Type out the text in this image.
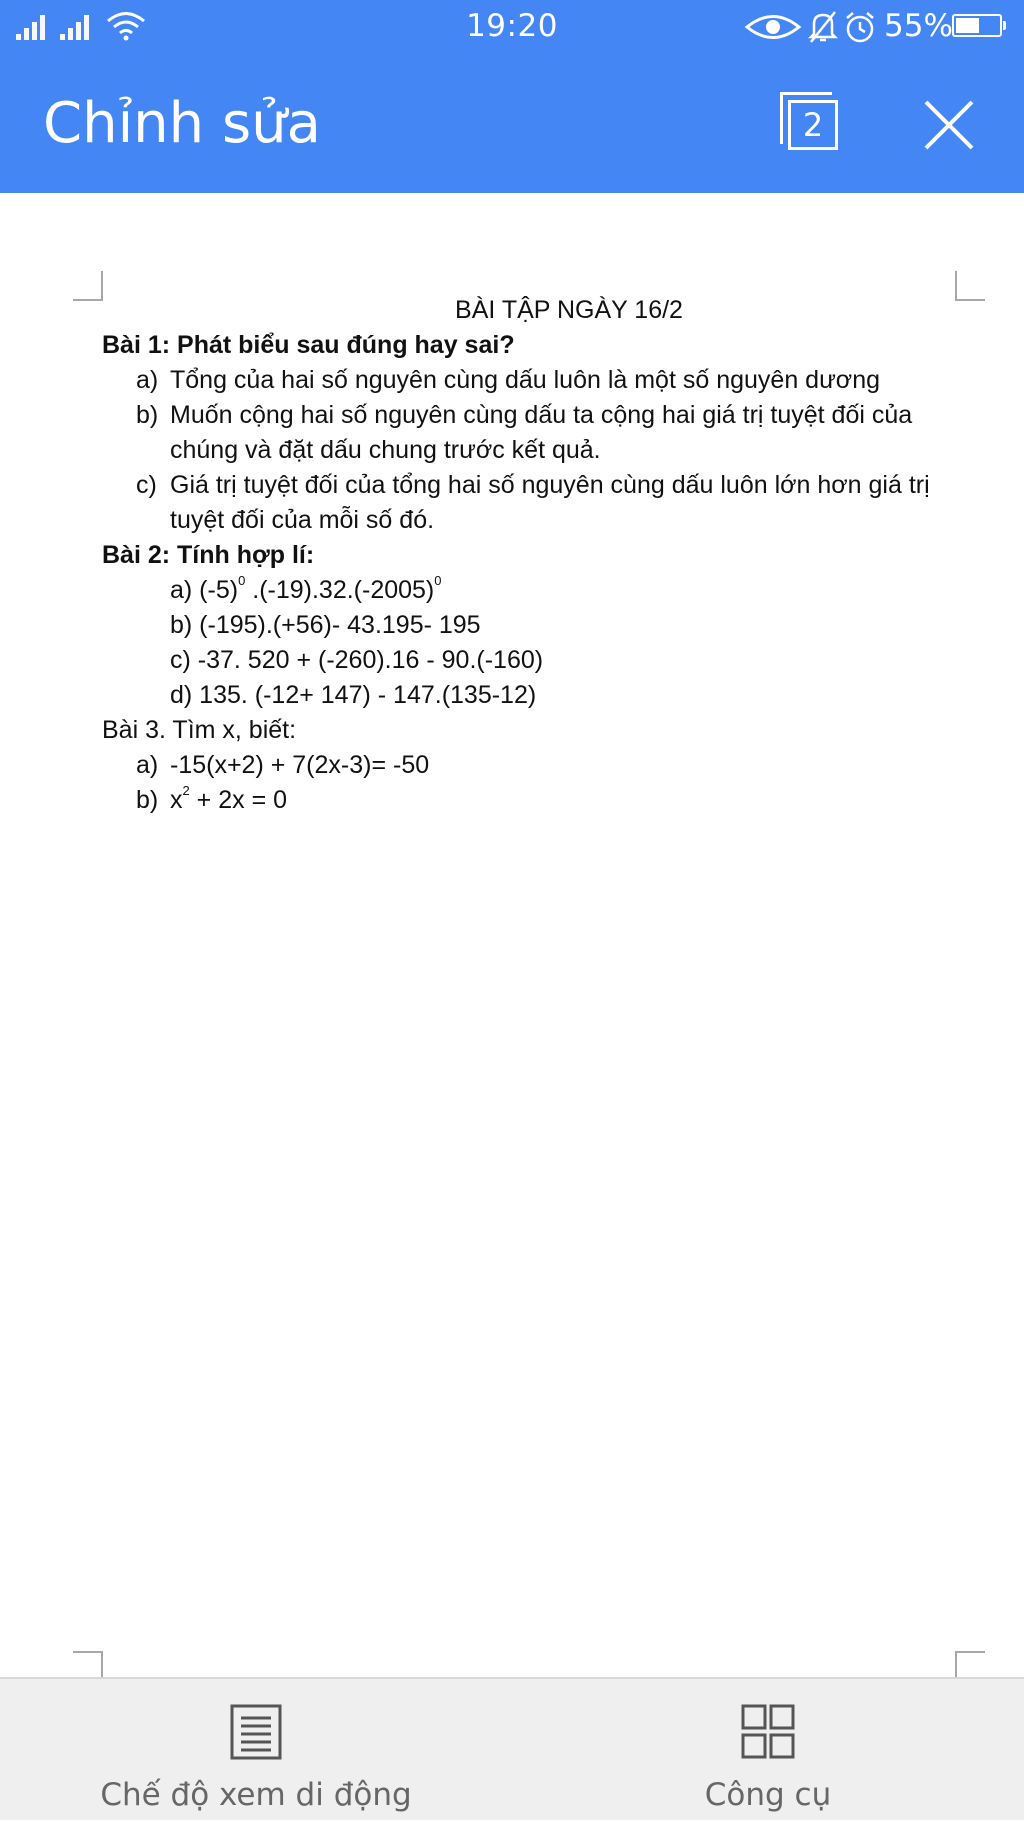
19:20	55%
Chỉnh sửa	2
BÀI TẬP NGÀY 16/2
Bài 1: Phát biểu sau đúng hay sai?
a) Tổng của hai số nguyên cùng dấu luôn là một số nguyên dương
b) Muốn cộng hai số nguyên cùng dấu ta cộng hai giá trị tuyệt đối của chúng và đặt dấu chung trước kết quả.
c) Giá trị tuyệt đối của tổng hai số nguyên cùng dấu luôn lớn hơn giá trị tuyệt đối của mỗi số đó.
Bài 2: Tính hợp lí:
a) $(-5)^0$ $.(-19).32.(-2005)^0$
b) (-195).(+56)- 43.195- 195
c) -37. 520 + (-260).16 - 90.(-160)
d) 135. (-12+ 147) - 147.(135-12)
Bài 3. Tìm x, biết:
a) -15(x+2) + 7(2x-3)= -50
b) $x^2 + 2x = 0$
Chế độ xem di động	Công cụ
